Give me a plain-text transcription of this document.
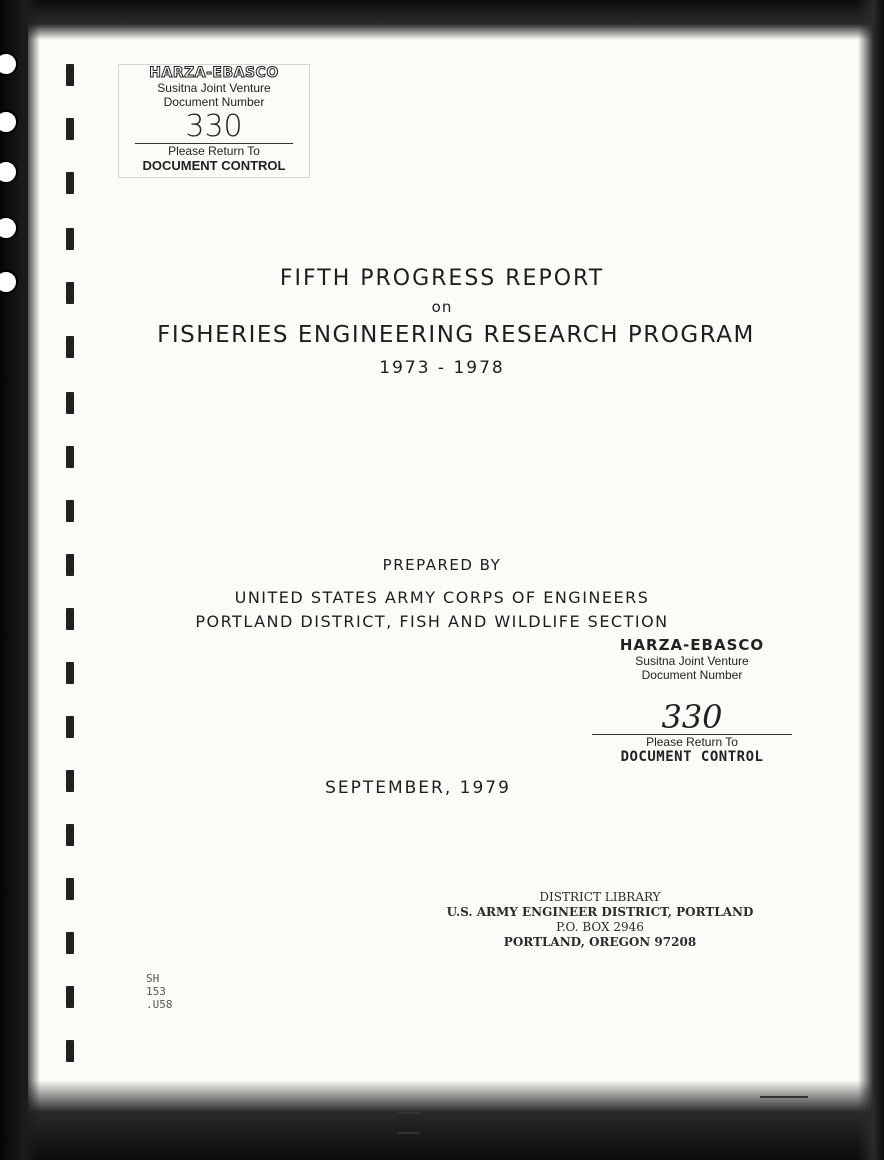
HARZA-EBASCO
Susitna Joint Venture
Document Number
330
Please Return To
DOCUMENT CONTROL
FIFTH PROGRESS REPORT
on
FISHERIES ENGINEERING RESEARCH PROGRAM
1973 - 1978
PREPARED BY
UNITED STATES ARMY CORPS OF ENGINEERS
PORTLAND DISTRICT, FISH AND WILDLIFE SECTION
HARZA-EBASCO
Susitna Joint Venture
Document Number
330
Please Return To
DOCUMENT CONTROL
SEPTEMBER, 1979
DISTRICT LIBRARY
U.S. ARMY ENGINEER DISTRICT, PORTLAND
P.O. BOX 2946
PORTLAND, OREGON 97208
SH
153
.U58
